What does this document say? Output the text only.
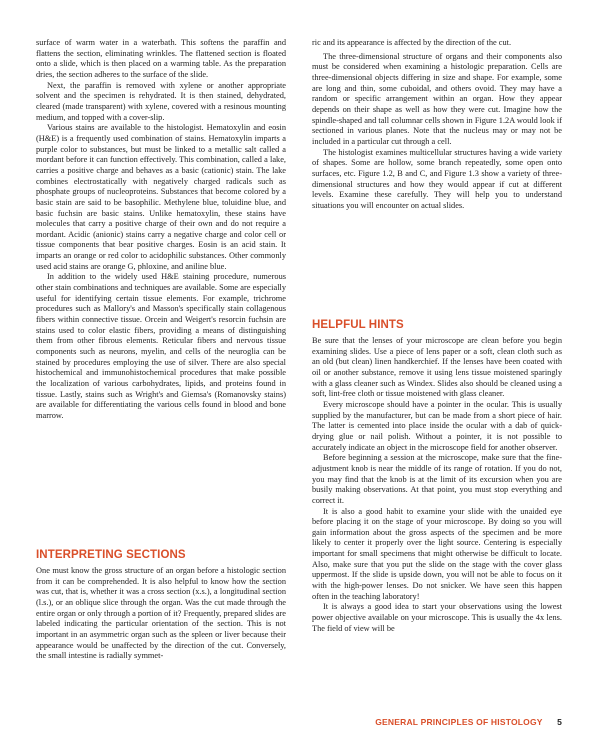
surface of warm water in a waterbath. This softens the paraffin and flattens the section, eliminating wrinkles. The flattened section is floated onto a slide, which is then placed on a warming table. As the preparation dries, the section adheres to the surface of the slide.

Next, the paraffin is removed with xylene or another appropriate solvent and the specimen is rehydrated. It is then stained, dehydrated, cleared (made transparent) with xylene, covered with a resinous mounting medium, and topped with a cover-slip.

Various stains are available to the histologist. Hematoxylin and eosin (H&E) is a frequently used combination of stains. Hematoxylin imparts a purple color to substances, but must be linked to a metallic salt called a mordant before it can function effectively. This combination, called a lake, carries a positive charge and behaves as a basic (cationic) stain. The lake combines electrostatically with negatively charged radicals such as phosphate groups of nucleoproteins. Substances that become colored by a basic stain are said to be basophilic. Methylene blue, toluidine blue, and basic fuchsin are basic stains. Unlike hematoxylin, these stains have molecules that carry a positive charge of their own and do not require a mordant. Acidic (anionic) stains carry a negative charge and color cell or tissue components that bear positive charges. Eosin is an acid stain. It imparts an orange or red color to acidophilic substances. Other commonly used acid stains are orange G, phloxine, and aniline blue.

In addition to the widely used H&E staining procedure, numerous other stain combinations and techniques are available. Some are especially useful for identifying certain tissue elements. For example, trichrome procedures such as Mallory's and Masson's specifically stain collagenous fibers within connective tissue. Orcein and Weigert's resorcin fuchsin are stains used to color elastic fibers, providing a means of distinguishing them from other fibrous elements. Reticular fibers and nervous tissue components such as neurons, myelin, and cells of the neuroglia can be stained by procedures employing the use of silver. There are also special histochemical and immunohistochemical procedures that make possible the localization of various carbohydrates, lipids, and proteins found in tissue. Lastly, stains such as Wright's and Giemsa's (Romanovsky stains) are available for differentiating the various cells found in blood and bone marrow.

INTERPRETING SECTIONS

One must know the gross structure of an organ before a histologic section from it can be comprehended. It is also helpful to know how the section was cut, that is, whether it was a cross section (x.s.), a longitudinal section (l.s.), or an oblique slice through the organ. Was the cut made through the entire organ or only through a portion of it? Frequently, prepared slides are labeled indicating the particular orientation of the section. This is not important in an asymmetric organ such as the spleen or liver because their appearance would be unaffected by the direction of the cut. Conversely, the small intestine is radially symmet-

ric and its appearance is affected by the direction of the cut.

The three-dimensional structure of organs and their components also must be considered when examining a histologic preparation. Cells are three-dimensional objects differing in size and shape. For example, some are long and thin, some cuboidal, and others ovoid. They may have a random or specific arrangement within an organ. How they appear depends on their shape as well as how they were cut. Imagine how the spindle-shaped and tall columnar cells shown in Figure 1.2A would look if sectioned in various planes. Note that the nucleus may or may not be included in a particular cut through a cell.

The histologist examines multicellular structures having a wide variety of shapes. Some are hollow, some branch repeatedly, some open onto surfaces, etc. Figure 1.2, B and C, and Figure 1.3 show a variety of three-dimensional structures and how they would appear if cut at different levels. Examine these carefully. They will help you to understand situations you will encounter on actual slides.

HELPFUL HINTS

Be sure that the lenses of your microscope are clean before you begin examining slides. Use a piece of lens paper or a soft, clean cloth such as an old (but clean) linen handkerchief. If the lenses have been coated with oil or another substance, remove it using lens tissue moistened sparingly with a glass cleaner such as Windex. Slides also should be cleaned using a soft, lint-free cloth or tissue moistened with glass cleaner.

Every microscope should have a pointer in the ocular. This is usually supplied by the manufacturer, but can be made from a short piece of hair. The latter is cemented into place inside the ocular with a dab of quick-drying glue or nail polish. Without a pointer, it is not possible to accurately indicate an object in the microscope field for another observer.

Before beginning a session at the microscope, make sure that the fine-adjustment knob is near the middle of its range of rotation. If you do not, you may find that the knob is at the limit of its excursion when you are busily making observations. At that point, you must stop everything and correct it.

It is also a good habit to examine your slide with the unaided eye before placing it on the stage of your microscope. By doing so you will gain information about the gross aspects of the specimen and be more likely to center it properly over the light source. Centering is especially important for small specimens that might otherwise be difficult to locate. Also, make sure that you put the slide on the stage with the cover glass uppermost. If the slide is upside down, you will not be able to focus on it with the high-power lenses. Do not snicker. We have seen this happen often in the teaching laboratory!

It is always a good idea to start your observations using the lowest power objective available on your microscope. This is usually the 4x lens. The field of view will be

GENERAL PRINCIPLES OF HISTOLOGY 5
